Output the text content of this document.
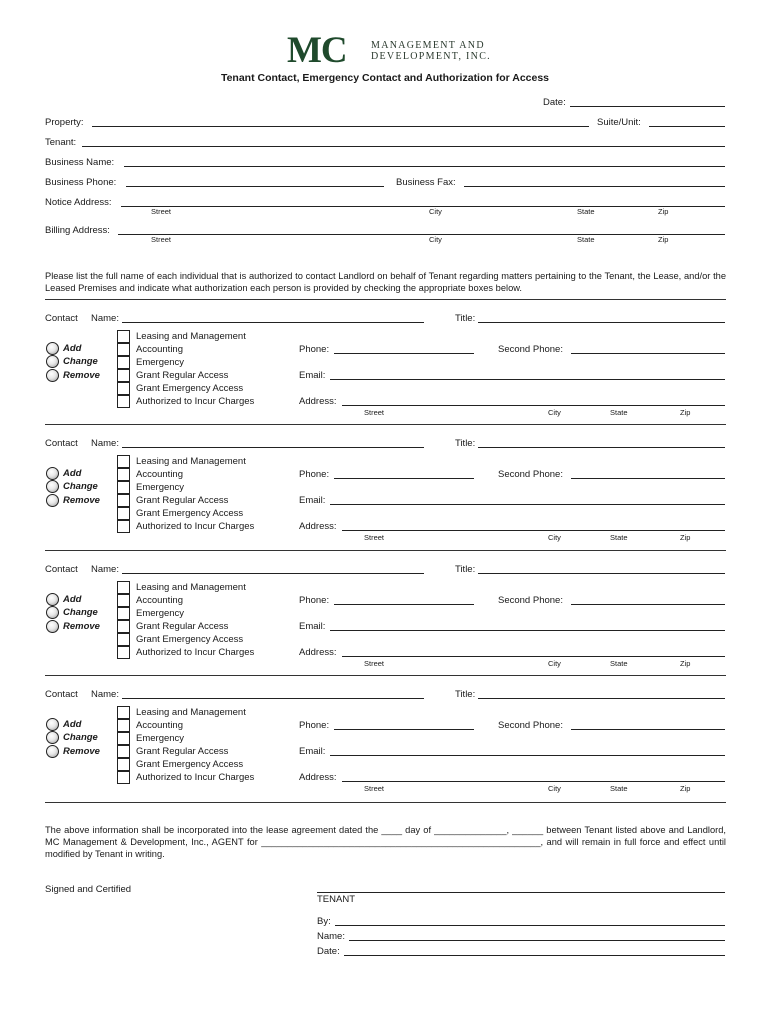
MC MANAGEMENT AND
DEVELOPMENT, INC.
Tenant Contact, Emergency Contact and Authorization for Access
Date:
Property:	Suite/Unit:
Tenant:
Business Name:
Business Phone:	Business Fax:
Notice Address:
Street	City	State	Zip
Billing Address:
Street	City	State	Zip
Please list the full name of each individual that is authorized to contact Landlord on behalf of Tenant regarding matters pertaining to the Tenant, the Lease, and/or the Leased Premises and indicate what authorization each person is provided by checking the appropriate boxes below.
Contact Name:	Title:
Add
Change
Remove
Leasing and Management
Accounting
Emergency
Grant Regular Access
Grant Emergency Access
Authorized to Incur Charges
Phone:	Second Phone:
Email:
Address:
Street	City	State	Zip
Contact Name:	Title:
Add
Change
Remove
Leasing and Management
Accounting
Emergency
Grant Regular Access
Grant Emergency Access
Authorized to Incur Charges
Phone:	Second Phone:
Email:
Address:
Street	City	State	Zip
Contact Name:	Title:
Add
Change
Remove
Leasing and Management
Accounting
Emergency
Grant Regular Access
Grant Emergency Access
Authorized to Incur Charges
Phone:	Second Phone:
Email:
Address:
Street	City	State	Zip
Contact Name:	Title:
Add
Change
Remove
Leasing and Management
Accounting
Emergency
Grant Regular Access
Grant Emergency Access
Authorized to Incur Charges
Phone:	Second Phone:
Email:
Address:
Street	City	State	Zip
The above information shall be incorporated into the lease agreement dated the ____ day of ______________, ______ between Tenant listed above and Landlord, MC Management & Development, Inc., AGENT for ______________________________________________________, and will remain in full force and effect until modified by Tenant in writing.
Signed and Certified
TENANT
By:
Name:
Date:
